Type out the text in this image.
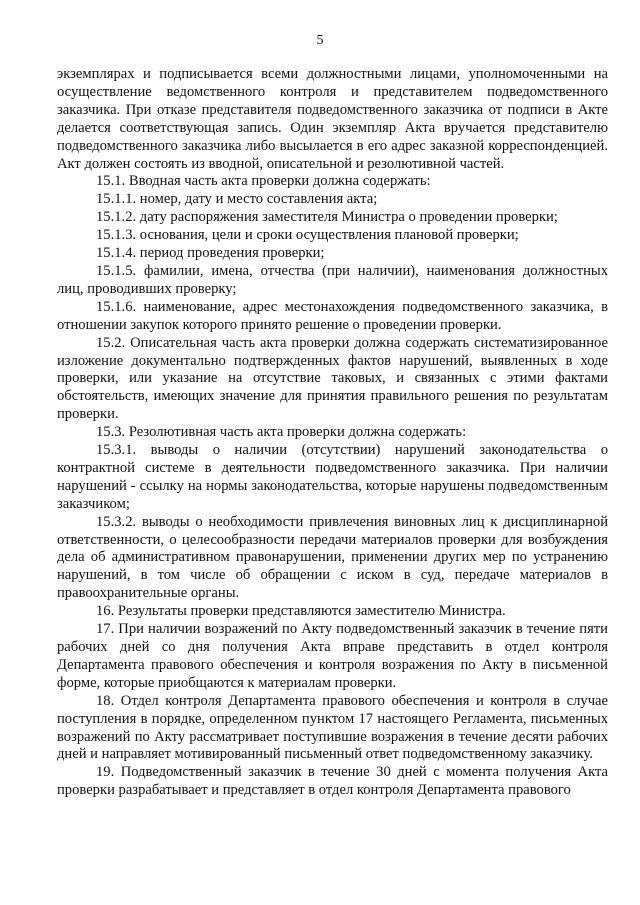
5

экземплярах и подписывается всеми должностными лицами, уполномоченными на осуществление ведомственного контроля и представителем подведомственного заказчика. При отказе представителя подведомственного заказчика от подписи в Акте делается соответствующая запись. Один экземпляр Акта вручается представителю подведомственного заказчика либо высылается в его адрес заказной корреспонденцией. Акт должен состоять из вводной, описательной и резолютивной частей.

15.1. Вводная часть акта проверки должна содержать:

15.1.1. номер, дату и место составления акта;

15.1.2. дату распоряжения заместителя Министра о проведении проверки;

15.1.3. основания, цели и сроки осуществления плановой проверки;

15.1.4. период проведения проверки;

15.1.5. фамилии, имена, отчества (при наличии), наименования должностных лиц, проводивших проверку;

15.1.6. наименование, адрес местонахождения подведомственного заказчика, в отношении закупок которого принято решение о проведении проверки.

15.2. Описательная часть акта проверки должна содержать систематизированное изложение документально подтвержденных фактов нарушений, выявленных в ходе проверки, или указание на отсутствие таковых, и связанных с этими фактами обстоятельств, имеющих значение для принятия правильного решения по результатам проверки.

15.3. Резолютивная часть акта проверки должна содержать:

15.3.1. выводы о наличии (отсутствии) нарушений законодательства о контрактной системе в деятельности подведомственного заказчика. При наличии нарушений - ссылку на нормы законодательства, которые нарушены подведомственным заказчиком;

15.3.2. выводы о необходимости привлечения виновных лиц к дисциплинарной ответственности, о целесообразности передачи материалов проверки для возбуждения дела об административном правонарушении, применении других мер по устранению нарушений, в том числе об обращении с иском в суд, передаче материалов в правоохранительные органы.

16. Результаты проверки представляются заместителю Министра.

17. При наличии возражений по Акту подведомственный заказчик в течение пяти рабочих дней со дня получения Акта вправе представить в отдел контроля Департамента правового обеспечения и контроля возражения по Акту в письменной форме, которые приобщаются к материалам проверки.

18. Отдел контроля Департамента правового обеспечения и контроля в случае поступления в порядке, определенном пунктом 17 настоящего Регламента, письменных возражений по Акту рассматривает поступившие возражения в течение десяти рабочих дней и направляет мотивированный письменный ответ подведомственному заказчику.

19. Подведомственный заказчик в течение 30 дней с момента получения Акта проверки разрабатывает и представляет в отдел контроля Департамента правового
